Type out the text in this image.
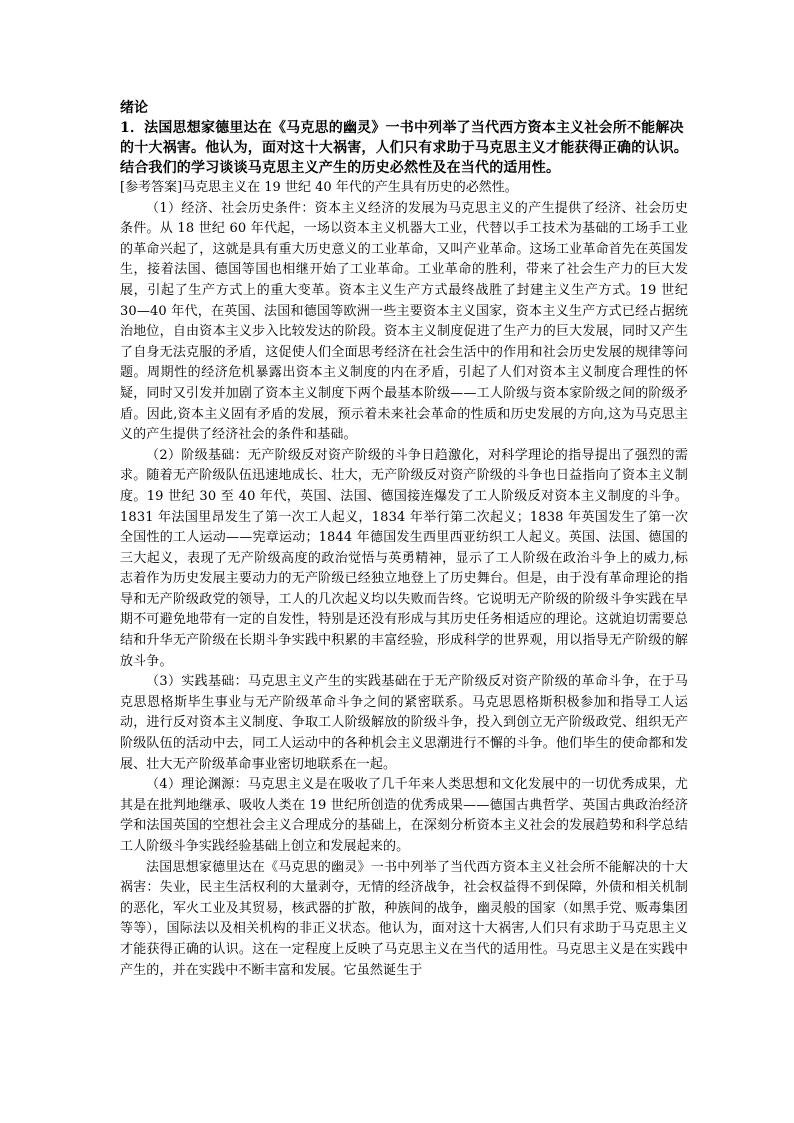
绪论

1．法国思想家德里达在《马克思的幽灵》一书中列举了当代西方资本主义社会所不能解决的十大祸害。他认为，面对这十大祸害，人们只有求助于马克思主义才能获得正确的认识。结合我们的学习谈谈马克思主义产生的历史必然性及在当代的适用性。

[参考答案]马克思主义在 19 世纪 40 年代的产生具有历史的必然性。

（1）经济、社会历史条件：资本主义经济的发展为马克思主义的产生提供了经济、社会历史条件。从 18 世纪 60 年代起，一场以资本主义机器大工业，代替以手工技术为基础的工场手工业的革命兴起了，这就是具有重大历史意义的工业革命，又叫产业革命。这场工业革命首先在英国发生，接着法国、德国等国也相继开始了工业革命。工业革命的胜利，带来了社会生产力的巨大发展，引起了生产方式上的重大变革。资本主义生产方式最终战胜了封建主义生产方式。19 世纪 30—40 年代，在英国、法国和德国等欧洲一些主要资本主义国家，资本主义生产方式已经占据统治地位，自由资本主义步入比较发达的阶段。资本主义制度促进了生产力的巨大发展，同时又产生了自身无法克服的矛盾，这促使人们全面思考经济在社会生活中的作用和社会历史发展的规律等问题。周期性的经济危机暴露出资本主义制度的内在矛盾，引起了人们对资本主义制度合理性的怀疑，同时又引发并加剧了资本主义制度下两个最基本阶级——工人阶级与资本家阶级之间的阶级矛盾。因此,资本主义固有矛盾的发展，预示着未来社会革命的性质和历史发展的方向,这为马克思主义的产生提供了经济社会的条件和基础。

（2）阶级基础：无产阶级反对资产阶级的斗争日趋激化，对科学理论的指导提出了强烈的需求。随着无产阶级队伍迅速地成长、壮大，无产阶级反对资产阶级的斗争也日益指向了资本主义制度。19 世纪 30 至 40 年代，英国、法国、德国接连爆发了工人阶级反对资本主义制度的斗争。1831 年法国里昂发生了第一次工人起义，1834 年举行第二次起义；1838 年英国发生了第一次全国性的工人运动——宪章运动；1844 年德国发生西里西亚纺织工人起义。英国、法国、德国的三大起义，表现了无产阶级高度的政治觉悟与英勇精神，显示了工人阶级在政治斗争上的威力,标志着作为历史发展主要动力的无产阶级已经独立地登上了历史舞台。但是，由于没有革命理论的指导和无产阶级政党的领导，工人的几次起义均以失败而告终。它说明无产阶级的阶级斗争实践在早期不可避免地带有一定的自发性，特别是还没有形成与其历史任务相适应的理论。这就迫切需要总结和升华无产阶级在长期斗争实践中积累的丰富经验，形成科学的世界观，用以指导无产阶级的解放斗争。

（3）实践基础：马克思主义产生的实践基础在于无产阶级反对资产阶级的革命斗争，在于马克思恩格斯毕生事业与无产阶级革命斗争之间的紧密联系。马克思恩格斯积极参加和指导工人运动，进行反对资本主义制度、争取工人阶级解放的阶级斗争，投入到创立无产阶级政党、组织无产阶级队伍的活动中去，同工人运动中的各种机会主义思潮进行不懈的斗争。他们毕生的使命都和发展、壮大无产阶级革命事业密切地联系在一起。

（4）理论渊源：马克思主义是在吸收了几千年来人类思想和文化发展中的一切优秀成果，尤其是在批判地继承、吸收人类在 19 世纪所创造的优秀成果——德国古典哲学、英国古典政治经济学和法国英国的空想社会主义合理成分的基础上，在深刻分析资本主义社会的发展趋势和科学总结工人阶级斗争实践经验基础上创立和发展起来的。

法国思想家德里达在《马克思的幽灵》一书中列举了当代西方资本主义社会所不能解决的十大祸害：失业，民主生活权利的大量剥夺，无情的经济战争，社会权益得不到保障，外债和相关机制的恶化，军火工业及其贸易，核武器的扩散，种族间的战争，幽灵般的国家（如黑手党、贩毒集团等等），国际法以及相关机构的非正义状态。他认为，面对这十大祸害,人们只有求助于马克思主义才能获得正确的认识。这在一定程度上反映了马克思主义在当代的适用性。马克思主义是在实践中产生的，并在实践中不断丰富和发展。它虽然诞生于
